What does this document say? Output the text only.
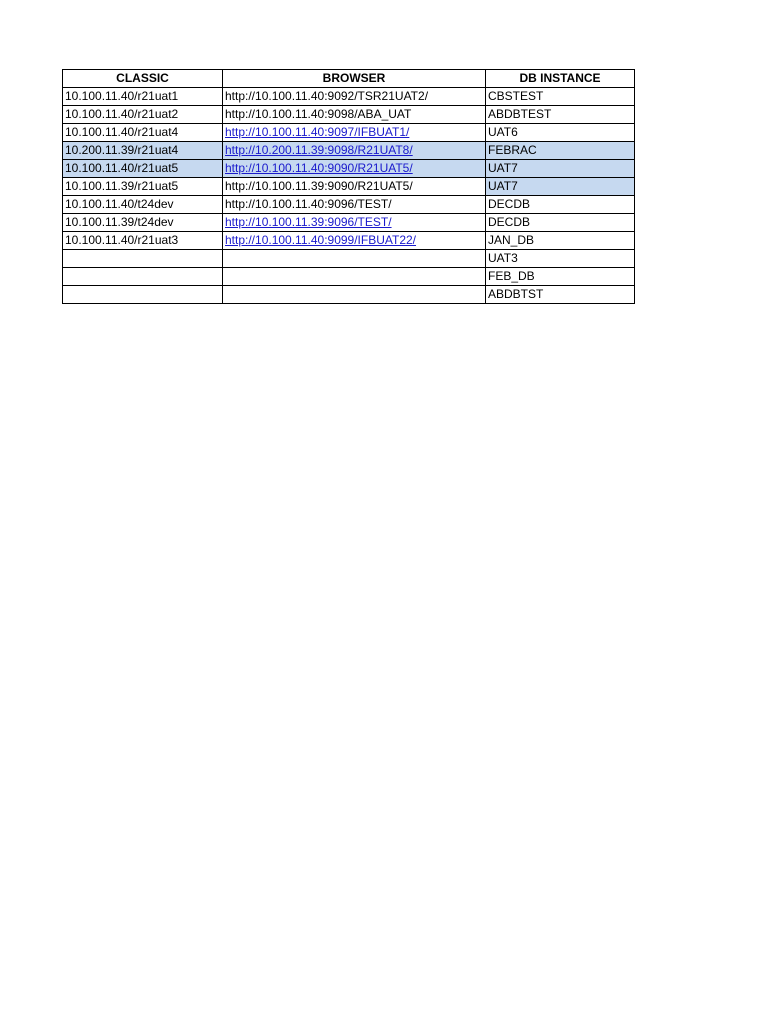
CLASSIC	BROWSER	DB INSTANCE
10.100.11.40/r21uat1	http://10.100.11.40:9092/TSR21UAT2/	CBSTEST
10.100.11.40/r21uat2	http://10.100.11.40:9098/ABA_UAT	ABDBTEST
10.100.11.40/r21uat4	http://10.100.11.40:9097/IFBUAT1/	UAT6
10.200.11.39/r21uat4	http://10.200.11.39:9098/R21UAT8/	FEBRAC
10.100.11.40/r21uat5	http://10.100.11.40:9090/R21UAT5/	UAT7
10.100.11.39/r21uat5	http://10.100.11.39:9090/R21UAT5/	UAT7
10.100.11.40/t24dev	http://10.100.11.40:9096/TEST/	DECDB
10.100.11.39/t24dev	http://10.100.11.39:9096/TEST/	DECDB
10.100.11.40/r21uat3	http://10.100.11.40:9099/IFBUAT22/	JAN_DB
		UAT3
		FEB_DB
		ABDBTST
